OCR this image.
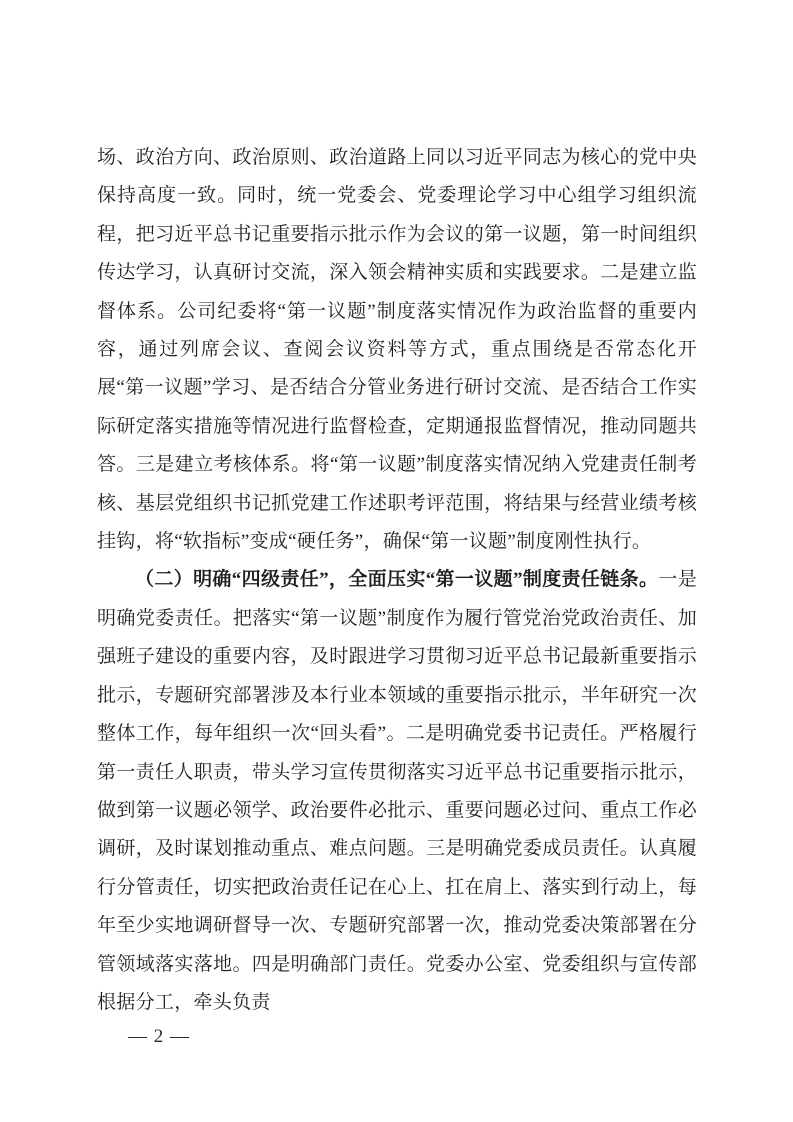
场、政治方向、政治原则、政治道路上同以习近平同志为核心的党中央保持高度一致。同时，统一党委会、党委理论学习中心组学习组织流程，把习近平总书记重要指示批示作为会议的第一议题，第一时间组织传达学习，认真研讨交流，深入领会精神实质和实践要求。二是建立监督体系。公司纪委将“第一议题”制度落实情况作为政治监督的重要内容，通过列席会议、查阅会议资料等方式，重点围绕是否常态化开展“第一议题”学习、是否结合分管业务进行研讨交流、是否结合工作实际研定落实措施等情况进行监督检查，定期通报监督情况，推动同题共答。三是建立考核体系。将“第一议题”制度落实情况纳入党建责任制考核、基层党组织书记抓党建工作述职考评范围，将结果与经营业绩考核挂钩，将“软指标”变成“硬任务”，确保“第一议题”制度刚性执行。

（二）明确“四级责任”，全面压实“第一议题”制度责任链条。一是明确党委责任。把落实“第一议题”制度作为履行管党治党政治责任、加强班子建设的重要内容，及时跟进学习贯彻习近平总书记最新重要指示批示，专题研究部署涉及本行业本领域的重要指示批示，半年研究一次整体工作，每年组织一次“回头看”。二是明确党委书记责任。严格履行第一责任人职责，带头学习宣传贯彻落实习近平总书记重要指示批示，做到第一议题必领学、政治要件必批示、重要问题必过问、重点工作必调研，及时谋划推动重点、难点问题。三是明确党委成员责任。认真履行分管责任，切实把政治责任记在心上、扛在肩上、落实到行动上，每年至少实地调研督导一次、专题研究部署一次，推动党委决策部署在分管领域落实落地。四是明确部门责任。党委办公室、党委组织与宣传部根据分工，牵头负责

— 2 —
